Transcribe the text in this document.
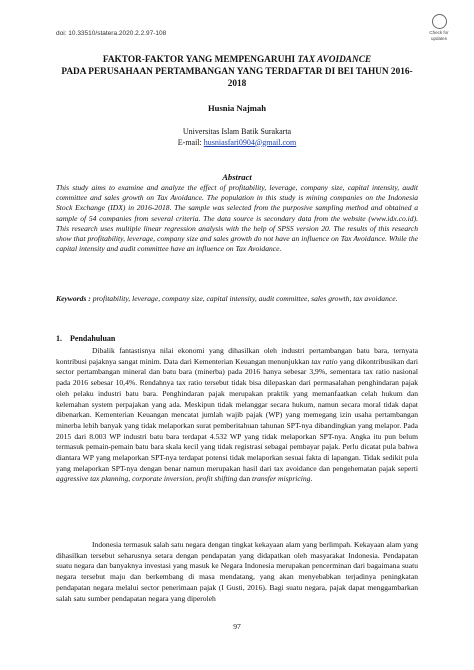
doi: 10.33510/statera.2020.2.2.97-108	Check for
updates
FAKTOR-FAKTOR YANG MEMPENGARUHI TAX AVOIDANCE
PADA PERUSAHAAN PERTAMBANGAN YANG TERDAFTAR DI BEI TAHUN 2016-2018
Husnia Najmah
Universitas Islam Batik Surakarta
E-mail: husniasfari0904@gmail.com
Abstract
This study aims to examine and analyze the effect of profitability, leverage, company size, capital intensity, audit committee and sales growth on Tax Avoidance. The population in this study is mining companies on the Indonesia Stock Exchange (IDX) in 2016-2018. The sample was selected from the purposive sampling method and obtained a sample of 54 companies from several criteria. The data source is secondary data from the website (www.idx.co.id). This research uses multiple linear regression analysis with the help of SPSS version 20. The results of this research show that profitability, leverage, company size and sales growth do not have an influence on Tax Avoidance. While the capital intensity and audit committee have an influence on Tax Avoidance.
Keywords : profitability, leverage, company size, capital intensity, audit committee, sales growth, tax avoidance.
1. Pendahuluan
Dibalik fantastisnya nilai ekonomi yang dihasilkan oleh industri pertambangan batu bara, ternyata kontribusi pajaknya sangat minim. Data dari Kementerian Keuangan menunjukkan tax ratio yang dikontribusikan dari sector pertambangan mineral dan batu bara (minerba) pada 2016 hanya sebesar 3,9%, sementara tax ratio nasional pada 2016 sebesar 10,4%. Rendahnya tax ratio tersebut tidak bisa dilepaskan dari permasalahan penghindaran pajak oleh pelaku industri batu bara. Penghindaran pajak merupakan praktik yang memanfaatkan celah hukum dan kelemahan system perpajakan yang ada. Meskipun tidak melanggar secara hukum, namun secara moral tidak dapat dibenarkan. Kementerian Keuangan mencatat jumlah wajib pajak (WP) yang memegang izin usaha pertambangan minerba lebih banyak yang tidak melaporkan surat pemberitahuan tahunan SPT-nya dibandingkan yang melapor. Pada 2015 dari 8.003 WP industri batu bara terdapat 4.532 WP yang tidak melaporkan SPT-nya. Angka itu pun belum termasuk pemain-pemain batu bara skala kecil yang tidak registrasi sebagai pembayar pajak. Perlu dicatat pula bahwa diantara WP yang melaporkan SPT-nya terdapat potensi tidak melaporkan sesuai fakta di lapangan. Tidak sedikit pula yang melaporkan SPT-nya dengan benar namun merupakan hasil dari tax avoidance dan pengehematan pajak seperti aggressive tax planning, corporate inversion, profit shifting dan transfer mispricing.
Indonesia termasuk salah satu negara dengan tingkat kekayaan alam yang berlimpah. Kekayaan alam yang dihasilkan tersebut seharusnya setara dengan pendapatan yang didapatkan oleh masyarakat Indonesia. Pendapatan suatu negara dan banyaknya investasi yang masuk ke Negara Indonesia merupakan pencerminan dari bagaimana suatu negara tersebut maju dan berkembang di masa mendatang, yang akan menyebabkan terjadinya peningkatan pendapatan negara melalui sector penerimaan pajak (I Gusti, 2016). Bagi suatu negara, pajak dapat menggambarkan salah satu sumber pendapatan negara yang diperoleh
97
